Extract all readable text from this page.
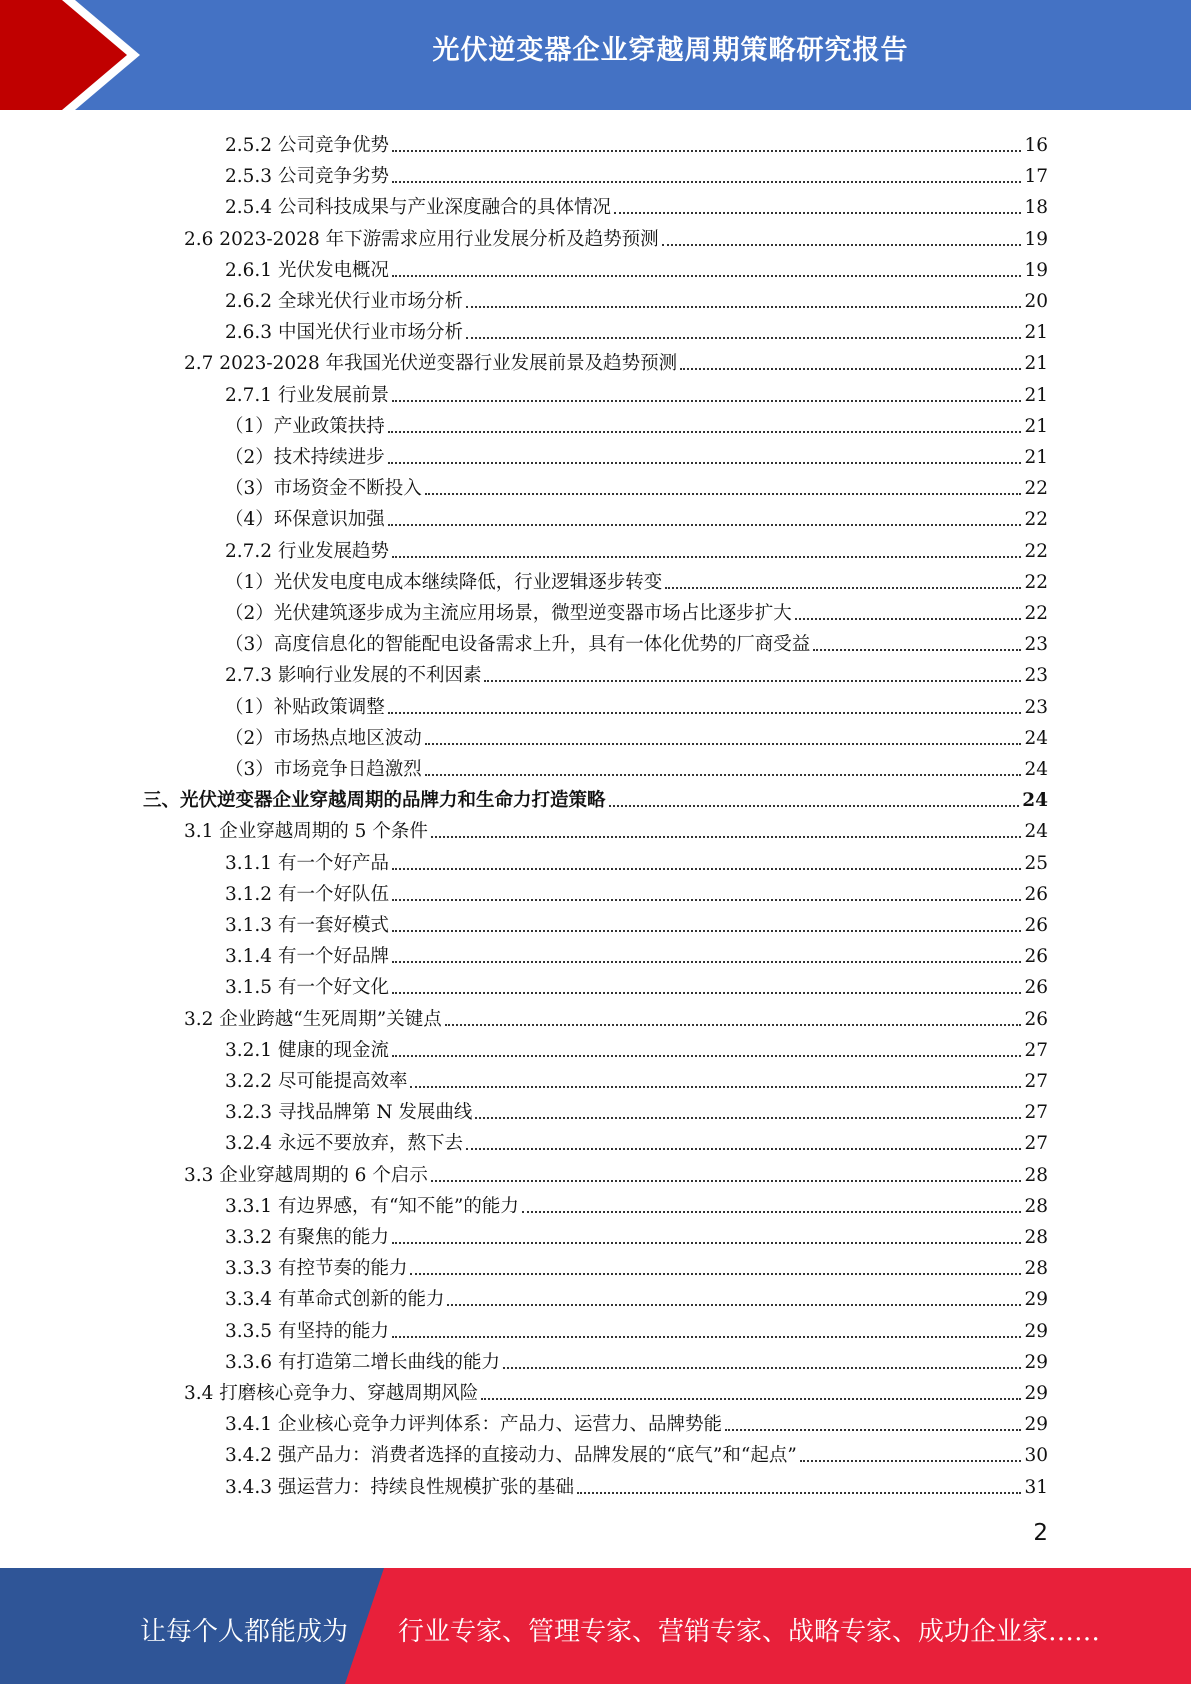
光伏逆变器企业穿越周期策略研究报告
2.5.2 公司竞争优势	16
2.5.3 公司竞争劣势	17
2.5.4 公司科技成果与产业深度融合的具体情况	18
2.6 2023-2028 年下游需求应用行业发展分析及趋势预测	19
2.6.1 光伏发电概况	19
2.6.2 全球光伏行业市场分析	20
2.6.3 中国光伏行业市场分析	21
2.7 2023-2028 年我国光伏逆变器行业发展前景及趋势预测	21
2.7.1 行业发展前景	21
（1）产业政策扶持	21
（2）技术持续进步	21
（3）市场资金不断投入	22
（4）环保意识加强	22
2.7.2 行业发展趋势	22
（1）光伏发电度电成本继续降低，行业逻辑逐步转变	22
（2）光伏建筑逐步成为主流应用场景，微型逆变器市场占比逐步扩大	22
（3）高度信息化的智能配电设备需求上升，具有一体化优势的厂商受益	23
2.7.3 影响行业发展的不利因素	23
（1）补贴政策调整	23
（2）市场热点地区波动	24
（3）市场竞争日趋激烈	24
三、光伏逆变器企业穿越周期的品牌力和生命力打造策略	24
3.1 企业穿越周期的 5 个条件	24
3.1.1 有一个好产品	25
3.1.2 有一个好队伍	26
3.1.3 有一套好模式	26
3.1.4 有一个好品牌	26
3.1.5 有一个好文化	26
3.2 企业跨越“生死周期”关键点	26
3.2.1 健康的现金流	27
3.2.2 尽可能提高效率	27
3.2.3 寻找品牌第 N 发展曲线	27
3.2.4 永远不要放弃，熬下去	27
3.3 企业穿越周期的 6 个启示	28
3.3.1 有边界感，有“知不能”的能力	28
3.3.2 有聚焦的能力	28
3.3.3 有控节奏的能力	28
3.3.4 有革命式创新的能力	29
3.3.5 有坚持的能力	29
3.3.6 有打造第二增长曲线的能力	29
3.4 打磨核心竞争力、穿越周期风险	29
3.4.1 企业核心竞争力评判体系：产品力、运营力、品牌势能	29
3.4.2 强产品力：消费者选择的直接动力、品牌发展的“底气”和“起点”	30
3.4.3 强运营力：持续良性规模扩张的基础	31
2
让每个人都能成为 行业专家、管理专家、营销专家、战略专家、成功企业家……
